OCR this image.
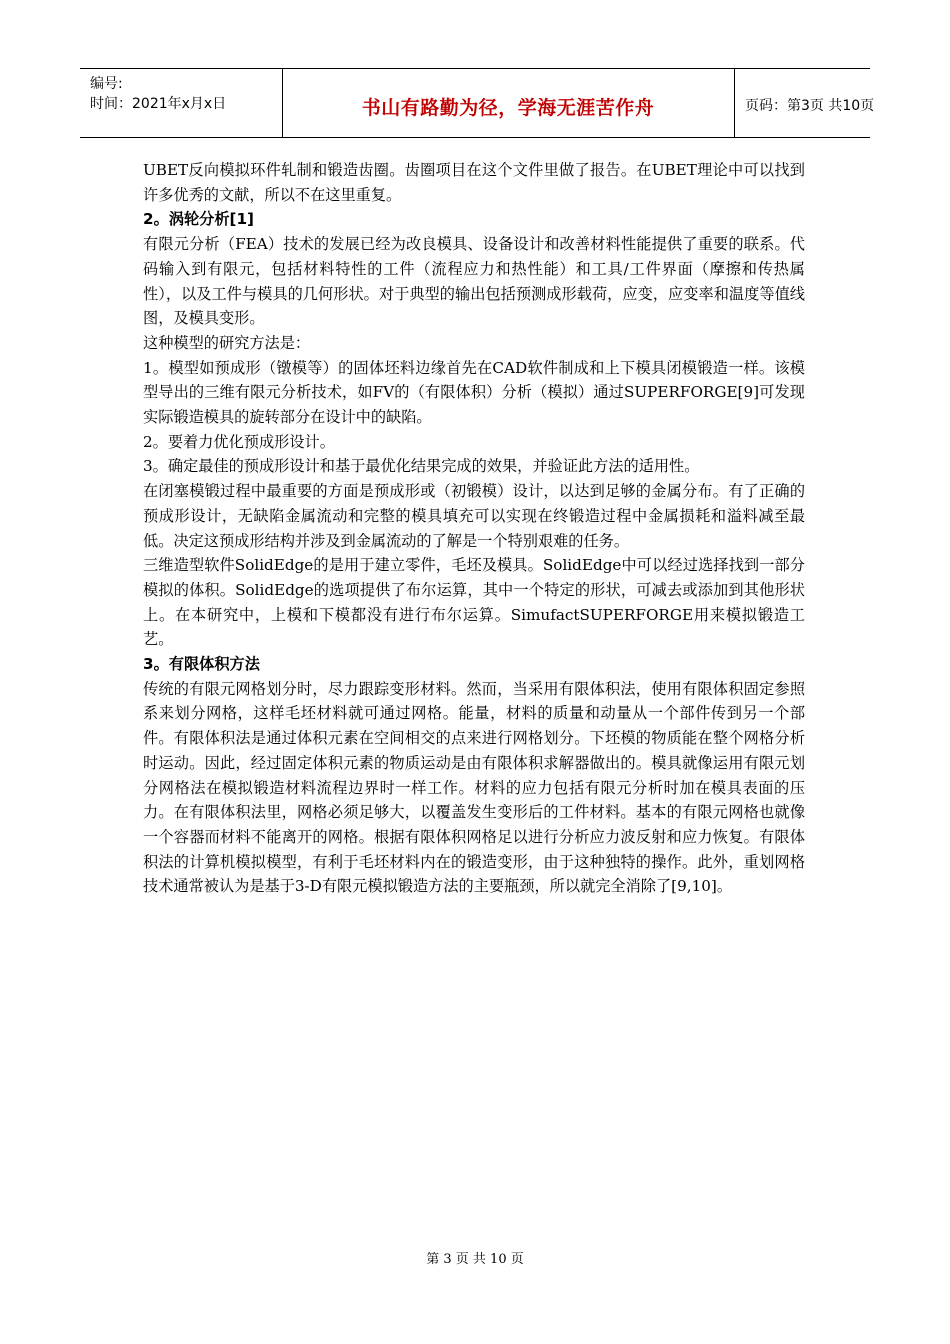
编号:
时间：2021年x月x日	书山有路勤为径，学海无涯苦作舟	页码：第3页 共10页

UBET反向模拟环件轧制和锻造齿圈。齿圈项目在这个文件里做了报告。在UBET理论中可以找到许多优秀的文献，所以不在这里重复。

2。涡轮分析[1]

有限元分析（FEA）技术的发展已经为改良模具、设备设计和改善材料性能提供了重要的联系。代码输入到有限元，包括材料特性的工件（流程应力和热性能）和工具/工件界面（摩擦和传热属性），以及工件与模具的几何形状。对于典型的输出包括预测成形载荷，应变，应变率和温度等值线图，及模具变形。

这种模型的研究方法是：

1。模型如预成形（镦模等）的固体坯料边缘首先在CAD软件制成和上下模具闭模锻造一样。该模型导出的三维有限元分析技术，如FV的（有限体积）分析（模拟）通过SUPERFORGE[9]可发现实际锻造模具的旋转部分在设计中的缺陷。

2。要着力优化预成形设计。

3。确定最佳的预成形设计和基于最优化结果完成的效果，并验证此方法的适用性。

在闭塞模锻过程中最重要的方面是预成形或（初锻模）设计，以达到足够的金属分布。有了正确的预成形设计，无缺陷金属流动和完整的模具填充可以实现在终锻造过程中金属损耗和溢料减至最低。决定这预成形结构并涉及到金属流动的了解是一个特别艰难的任务。

三维造型软件SolidEdge的是用于建立零件，毛坯及模具。SolidEdge中可以经过选择找到一部分模拟的体积。SolidEdge的选项提供了布尔运算，其中一个特定的形状，可减去或添加到其他形状上。在本研究中，上模和下模都没有进行布尔运算。SimufactSUPERFORGE用来模拟锻造工艺。

3。有限体积方法

传统的有限元网格划分时，尽力跟踪变形材料。然而，当采用有限体积法，使用有限体积固定参照系来划分网格，这样毛坯材料就可通过网格。能量，材料的质量和动量从一个部件传到另一个部件。有限体积法是通过体积元素在空间相交的点来进行网格划分。下坯模的物质能在整个网格分析时运动。因此，经过固定体积元素的物质运动是由有限体积求解器做出的。模具就像运用有限元划分网格法在模拟锻造材料流程边界时一样工作。材料的应力包括有限元分析时加在模具表面的压力。在有限体积法里，网格必须足够大，以覆盖发生变形后的工件材料。基本的有限元网格也就像一个容器而材料不能离开的网格。根据有限体积网格足以进行分析应力波反射和应力恢复。有限体积法的计算机模拟模型，有利于毛坯材料内在的锻造变形，由于这种独特的操作。此外，重划网格技术通常被认为是基于3-D有限元模拟锻造方法的主要瓶颈，所以就完全消除了[9,10]。

第 3 页 共 10 页
